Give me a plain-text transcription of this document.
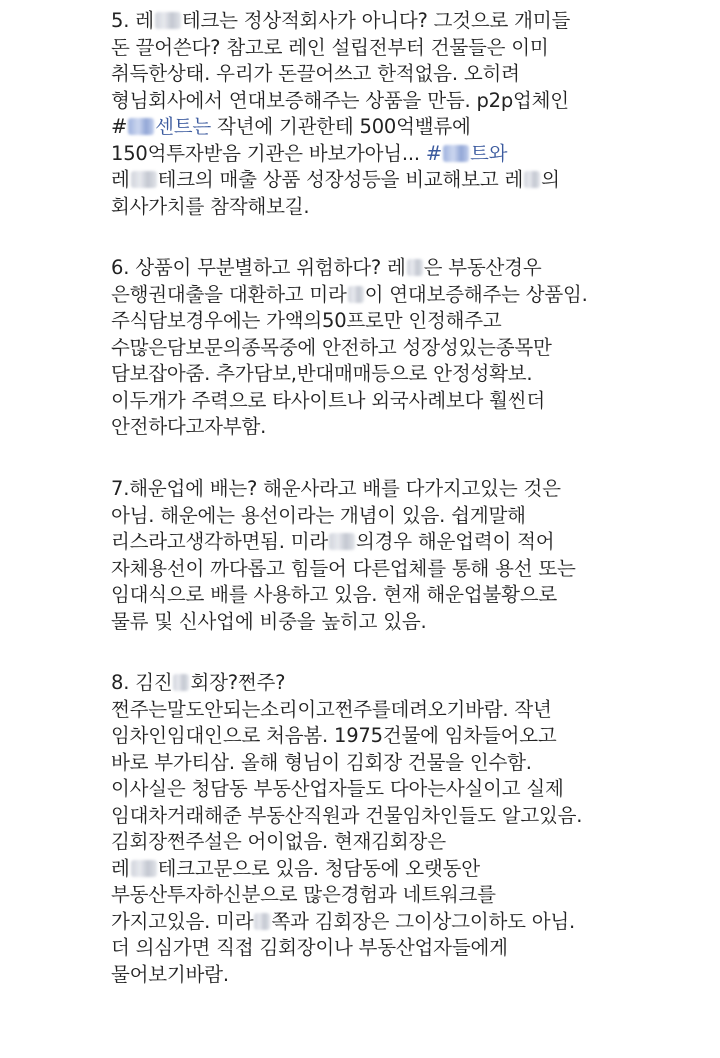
5. 레 테크는 정상적회사가 아니다? 그것으로 개미들
돈 끌어쓴다? 참고로 레인 설립전부터 건물들은 이미
취득한상태. 우리가 돈끌어쓰고 한적없음. 오히려
형님회사에서 연대보증해주는 상품을 만듬. p2p업체인
# 센트는 작년에 기관한테 500억밸류에
150억투자받음 기관은 바보가아님... # 트와
레 테크의 매출 상품 성장성등을 비교해보고 레 의
회사가치를 참작해보길.
6. 상품이 무분별하고 위험하다? 레 은 부동산경우
은행권대출을 대환하고 미라 이 연대보증해주는 상품임.
주식담보경우에는 가액의50프로만 인정해주고
수많은담보문의종목중에 안전하고 성장성있는종목만
담보잡아줌. 추가담보,반대매매등으로 안정성확보.
이두개가 주력으로 타사이트나 외국사례보다 훨씬더
안전하다고자부함.
7.해운업에 배는? 해운사라고 배를 다가지고있는 것은
아님. 해운에는 용선이라는 개념이 있음. 쉽게말해
리스라고생각하면됨. 미라 의경우 해운업력이 적어
자체용선이 까다롭고 힘들어 다른업체를 통해 용선 또는
임대식으로 배를 사용하고 있음. 현재 해운업불황으로
물류 및 신사업에 비중을 높히고 있음.
8. 김진 회장?쩐주?
쩐주는말도안되는소리이고쩐주를데려오기바람. 작년
임차인임대인으로 처음봄. 1975건물에 임차들어오고
바로 부가티삼. 올해 형님이 김회장 건물을 인수함.
이사실은 청담동 부동산업자들도 다아는사실이고 실제
임대차거래해준 부동산직원과 건물임차인들도 알고있음.
김회장쩐주설은 어이없음. 현재김회장은
레 테크고문으로 있음. 청담동에 오랫동안
부동산투자하신분으로 많은경험과 네트워크를
가지고있음. 미라 쪽과 김회장은 그이상그이하도 아님.
더 의심가면 직접 김회장이나 부동산업자들에게
물어보기바람.
